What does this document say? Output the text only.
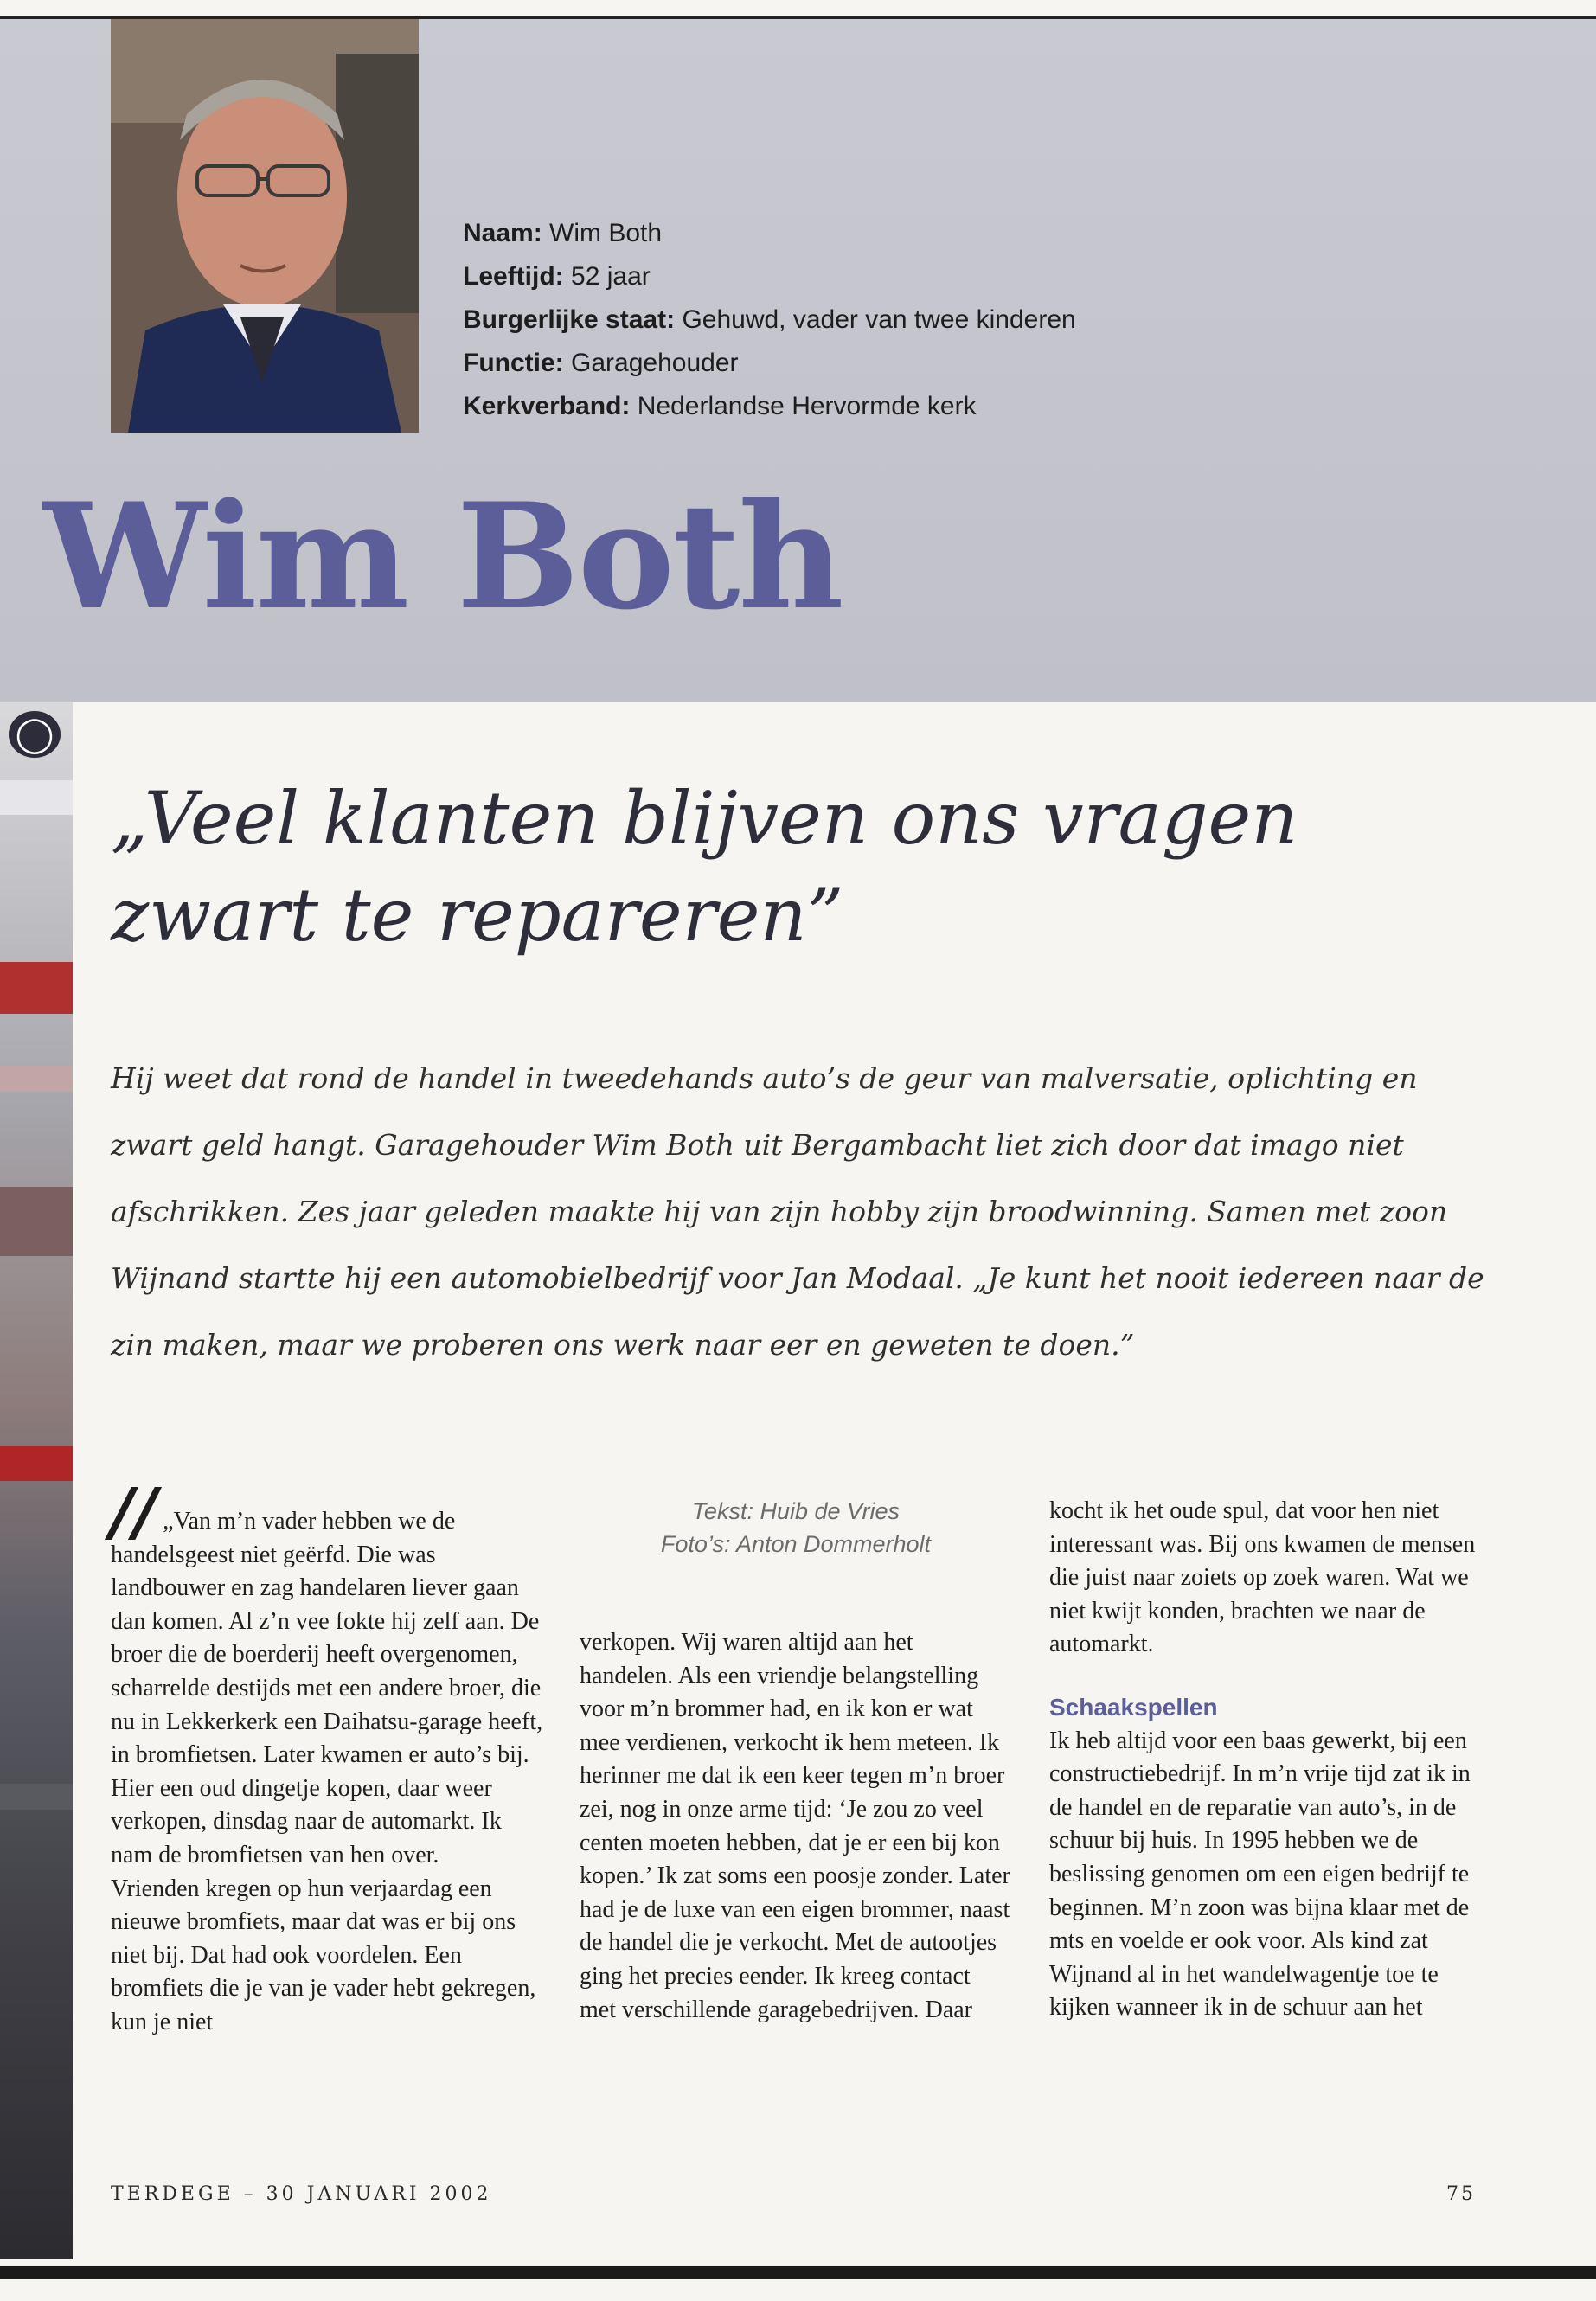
Naam: Wim Both
Leeftijd: 52 jaar
Burgerlijke staat: Gehuwd, vader van twee kinderen
Functie: Garagehouder
Kerkverband: Nederlandse Hervormde kerk
Wim Both
◯
„Veel klanten blijven ons vragen zwart te repareren”

Hij weet dat rond de handel in tweedehands auto’s de geur van malversatie, oplichting en zwart geld hangt. Garagehouder Wim Both uit Bergambacht liet zich door dat imago niet afschrikken. Zes jaar geleden maakte hij van zijn hobby zijn broodwinning. Samen met zoon Wijnand startte hij een automobielbedrijf voor Jan Modaal. „Je kunt het nooit iedereen naar de zin maken, maar we proberen ons werk naar eer en geweten te doen.”

// „Van m’n vader hebben we de handelsgeest niet geërfd. Die was landbouwer en zag handelaren liever gaan dan komen. Al z’n vee fokte hij zelf aan. De broer die de boerderij heeft overgenomen, scharrelde destijds met een andere broer, die nu in Lekkerkerk een Daihatsu-garage heeft, in bromfietsen. Later kwamen er auto’s bij. Hier een oud dingetje kopen, daar weer verkopen, dinsdag naar de automarkt. Ik nam de bromfietsen van hen over.

Vrienden kregen op hun verjaardag een nieuwe bromfiets, maar dat was er bij ons niet bij. Dat had ook voordelen. Een bromfiets die je van je vader hebt gekregen, kun je niet

Tekst: Huib de Vries
Foto’s: Anton Dommerholt

verkopen. Wij waren altijd aan het handelen. Als een vriendje belangstelling voor m’n brommer had, en ik kon er wat mee verdienen, verkocht ik hem meteen. Ik herinner me dat ik een keer tegen m’n broer zei, nog in onze arme tijd: ‘Je zou zo veel centen moeten hebben, dat je er een bij kon kopen.’ Ik zat soms een poosje zonder. Later had je de luxe van een eigen brommer, naast de handel die je verkocht. Met de autootjes ging het precies eender. Ik kreeg contact met verschillende garagebedrijven. Daar

kocht ik het oude spul, dat voor hen niet interessant was. Bij ons kwamen de mensen die juist naar zoiets op zoek waren. Wat we niet kwijt konden, brachten we naar de automarkt.

Schaakspellen

Ik heb altijd voor een baas gewerkt, bij een constructiebedrijf. In m’n vrije tijd zat ik in de handel en de reparatie van auto’s, in de schuur bij huis. In 1995 hebben we de beslissing genomen om een eigen bedrijf te beginnen. M’n zoon was bijna klaar met de mts en voelde er ook voor. Als kind zat Wijnand al in het wandelwagentje toe te kijken wanneer ik in de schuur aan het

TERDEGE – 30 JANUARI 2002	75
